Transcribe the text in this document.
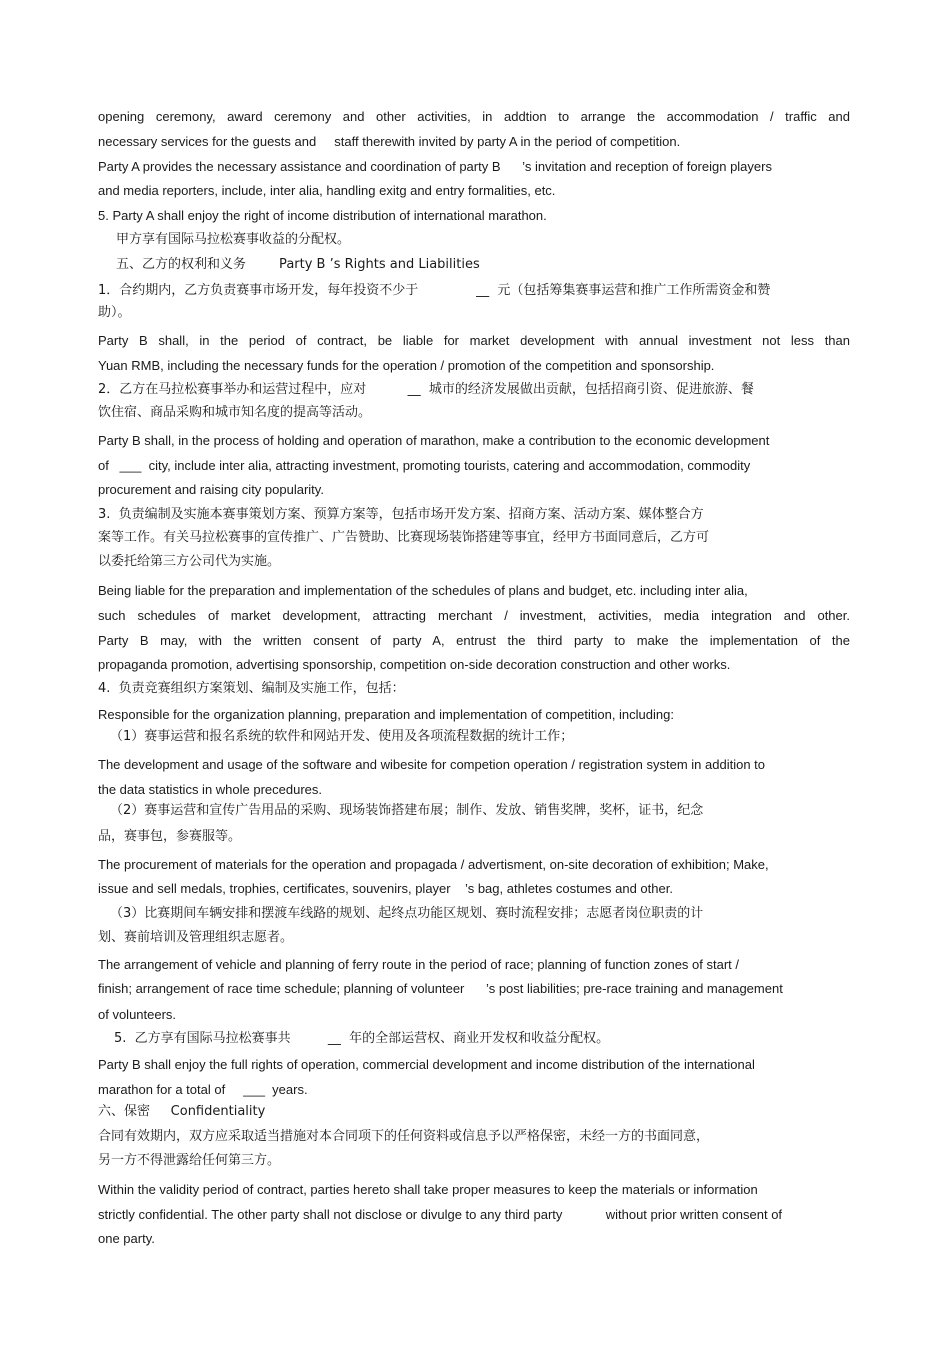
opening ceremony, award ceremony and other activities, in addtion to arrange the accommodation / traffic and
necessary services for the guests and     staff therewith invited by party A in the period of competition.
Party A provides the necessary assistance and coordination of party B      ’s invitation and reception of foreign players
and media reporters, include, inter alia, handling exitg and entry formalities, etc.
5. Party A shall enjoy the right of income distribution of international marathon.
甲方享有国际马拉松赛事收益的分配权。
五、乙方的权利和义务        Party B ’s Rights and Liabilities
1．合约期内，乙方负责赛事市场开发，每年投资不少于              __  元（包括筹集赛事运营和推广工作所需资金和赞
助）。
Party B shall, in the period of contract, be liable for market development with annual investment not less than
Yuan RMB, including the necessary funds for the operation / promotion of the competition and sponsorship.
2．乙方在马拉松赛事举办和运营过程中，应对          __  城市的经济发展做出贡献，包括招商引资、促进旅游、餐
饮住宿、商品采购和城市知名度的提高等活动。
Party B shall, in the process of holding and operation of marathon, make a contribution to the economic development
of   ___  city, include inter alia, attracting investment, promoting tourists, catering and accommodation, commodity
procurement and raising city popularity.
3.  负责编制及实施本赛事策划方案、预算方案等，包括市场开发方案、招商方案、活动方案、媒体整合方
案等工作。有关马拉松赛事的宣传推广、广告赞助、比赛现场装饰搭建等事宜，经甲方书面同意后，乙方可
以委托给第三方公司代为实施。
Being liable for the preparation and implementation of the schedules of plans and budget, etc. including inter alia,
such schedules of market development, attracting merchant / investment, activities, media integration and other.
Party B may, with the written consent of party A, entrust the third party to make the implementation of the
propaganda promotion, advertising sponsorship, competition on-side decoration construction and other works.
4.  负责竞赛组织方案策划、编制及实施工作，包括：
Responsible for the organization planning, preparation and implementation of competition, including:
（1）赛事运营和报名系统的软件和网站开发、使用及各项流程数据的统计工作；
The development and usage of the software and wibesite for competion operation / registration system in addition to
the data statistics in whole precedures.
（2）赛事运营和宣传广告用品的采购、现场装饰搭建布展；制作、发放、销售奖牌，奖杯，证书，纪念
品，赛事包，参赛服等。
The procurement of materials for the operation and propagada / advertisment, on-site decoration of exhibition; Make,
issue and sell medals, trophies, certificates, souvenirs, player    ’s bag, athletes costumes and other.
（3）比赛期间车辆安排和摆渡车线路的规划、起终点功能区规划、赛时流程安排；志愿者岗位职责的计
划、赛前培训及管理组织志愿者。
The arrangement of vehicle and planning of ferry route in the period of race; planning of function zones of start /
finish; arrangement of race time schedule; planning of volunteer      ’s post liabilities; pre-race training and management
of volunteers.
5.  乙方享有国际马拉松赛事共         __  年的全部运营权、商业开发权和收益分配权。
Party B shall enjoy the full rights of operation, commercial development and income distribution of the international
marathon for a total of     ___  years.
六、保密     Confidentiality
合同有效期内，双方应采取适当措施对本合同项下的任何资料或信息予以严格保密，未经一方的书面同意，
另一方不得泄露给任何第三方。
Within the validity period of contract, parties hereto shall take proper measures to keep the materials or information
strictly confidential. The other party shall not disclose or divulge to any third party            without prior written consent of
one party.
